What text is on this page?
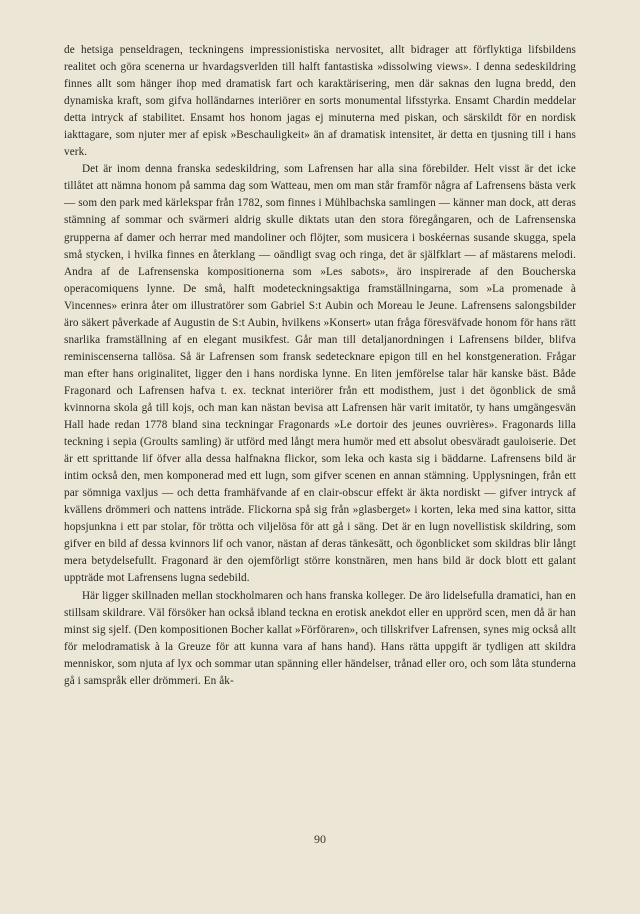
de hetsiga penseldragen, teckningens impressionistiska nervositet, allt bidrager att förflyktiga lifsbildens realitet och göra scenerna ur hvardagsverlden till halft fantastiska »dissolwing views». I denna sedeskildring finnes allt som hänger ihop med dramatisk fart och karaktärisering, men där saknas den lugna bredd, den dynamiska kraft, som gifva holländarnes interiörer en sorts monumental lifsstyrka. Ensamt Chardin meddelar detta intryck af stabilitet. Ensamt hos honom jagas ej minuterna med piskan, och särskildt för en nordisk iakttagare, som njuter mer af episk »Beschauligkeit» än af dramatisk intensitet, är detta en tjusning till i hans verk.

Det är inom denna franska sedeskildring, som Lafrensen har alla sina förebilder. Helt visst är det icke tillåtet att nämna honom på samma dag som Watteau, men om man står framför några af Lafrensens bästa verk — som den park med kärlekspar från 1782, som finnes i Mühlbachska samlingen — känner man dock, att deras stämning af sommar och svärmeri aldrig skulle diktats utan den stora föregångaren, och de Lafrensenska grupperna af damer och herrar med mandoliner och flöjter, som musicera i boskéernas susande skugga, spela små stycken, i hvilka finnes en återklang — oändligt svag och ringa, det är själfklart — af mästarens melodi. Andra af de Lafrensenska kompositionerna som »Les sabots», äro inspirerade af den Boucherska operacomiquens lynne. De små, halft modeteckningsaktiga framställningarna, som »La promenade à Vincennes» erinra åter om illustratörer som Gabriel S:t Aubin och Moreau le Jeune. Lafrensens salongsbilder äro säkert påverkade af Augustin de S:t Aubin, hvilkens »Konsert» utan fråga föresväfvade honom för hans rätt snarlika framställning af en elegant musikfest. Går man till detaljanordningen i Lafrensens bilder, blifva reminiscenserna tallösa. Så är Lafrensen som fransk sedetecknare epigon till en hel konstgeneration. Frågar man efter hans originalitet, ligger den i hans nordiska lynne. En liten jemförelse talar här kanske bäst. Både Fragonard och Lafrensen hafva t. ex. tecknat interiörer från ett modisthem, just i det ögonblick de små kvinnorna skola gå till kojs, och man kan nästan bevisa att Lafrensen här varit imitatör, ty hans umgängesvän Hall hade redan 1778 bland sina teckningar Fragonards »Le dortoir des jeunes ouvrières». Fragonards lilla teckning i sepia (Groults samling) är utförd med långt mera humör med ett absolut obesväradt gauloiserie. Det är ett sprittande lif öfver alla dessa halfnakna flickor, som leka och kasta sig i bäddarne. Lafrensens bild är intim också den, men komponerad med ett lugn, som gifver scenen en annan stämning. Upplysningen, från ett par sömniga vaxljus — och detta framhäfvande af en clair-obscur effekt är äkta nordiskt — gifver intryck af kvällens drömmeri och nattens inträde. Flickorna spå sig från »glasberget» i korten, leka med sina kattor, sitta hopsjunkna i ett par stolar, för trötta och viljelösa för att gå i säng. Det är en lugn novellistisk skildring, som gifver en bild af dessa kvinnors lif och vanor, nästan af deras tänkesätt, och ögonblicket som skildras blir långt mera betydelsefullt. Fragonard är den ojemförligt större konstnären, men hans bild är dock blott ett galant uppträde mot Lafrensens lugna sedebild.

Här ligger skillnaden mellan stockholmaren och hans franska kolleger. De äro lidelsefulla dramatici, han en stillsam skildrare. Väl försöker han också ibland teckna en erotisk anekdot eller en upprörd scen, men då är han minst sig sjelf. (Den kompositionen Bocher kallat »Förföraren», och tillskrifver Lafrensen, synes mig också allt för melodramatisk à la Greuze för att kunna vara af hans hand). Hans rätta uppgift är tydligen att skildra menniskor, som njuta af lyx och sommar utan spänning eller händelser, trånad eller oro, och som låta stunderna gå i samspråk eller drömmeri. En åk-

90
